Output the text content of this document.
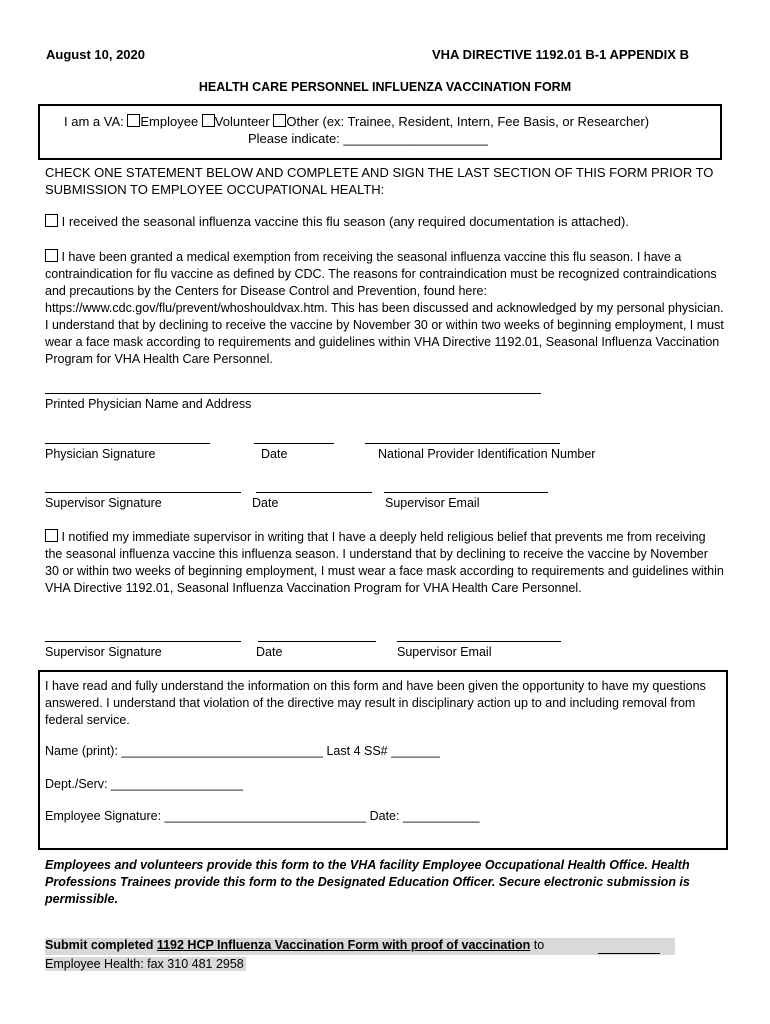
August 10, 2020	VHA DIRECTIVE 1192.01 B-1 APPENDIX B
HEALTH CARE PERSONNEL INFLUENZA VACCINATION FORM
I am a VA: Employee Volunteer Other (ex: Trainee, Resident, Intern, Fee Basis, or Researcher)
Please indicate: ____________________
CHECK ONE STATEMENT BELOW AND COMPLETE AND SIGN THE LAST SECTION OF THIS FORM PRIOR TO SUBMISSION TO EMPLOYEE OCCUPATIONAL HEALTH:
I received the seasonal influenza vaccine this flu season (any required documentation is attached).
I have been granted a medical exemption from receiving the seasonal influenza vaccine this flu season. I have a contraindication for flu vaccine as defined by CDC. The reasons for contraindication must be recognized contraindications and precautions by the Centers for Disease Control and Prevention, found here: https://www.cdc.gov/flu/prevent/whoshouldvax.htm. This has been discussed and acknowledged by my personal physician. I understand that by declining to receive the vaccine by November 30 or within two weeks of beginning employment, I must wear a face mask according to requirements and guidelines within VHA Directive 1192.01, Seasonal Influenza Vaccination Program for VHA Health Care Personnel.
Printed Physician Name and Address
Physician Signature	Date	National Provider Identification Number
Supervisor Signature	Date	Supervisor Email
I notified my immediate supervisor in writing that I have a deeply held religious belief that prevents me from receiving the seasonal influenza vaccine this influenza season. I understand that by declining to receive the vaccine by November 30 or within two weeks of beginning employment, I must wear a face mask according to requirements and guidelines within VHA Directive 1192.01, Seasonal Influenza Vaccination Program for VHA Health Care Personnel.
Supervisor Signature	Date	Supervisor Email
I have read and fully understand the information on this form and have been given the opportunity to have my questions answered. I understand that violation of the directive may result in disciplinary action up to and including removal from federal service.
Name (print): _____________________________ Last 4 SS# _______
Dept./Serv: ___________________
Employee Signature: _____________________________ Date: ___________
Employees and volunteers provide this form to the VHA facility Employee Occupational Health Office. Health Professions Trainees provide this form to the Designated Education Officer. Secure electronic submission is permissible.
Submit completed 1192 HCP Influenza Vaccination Form with proof of vaccination to
Employee Health: fax 310 481 2958
